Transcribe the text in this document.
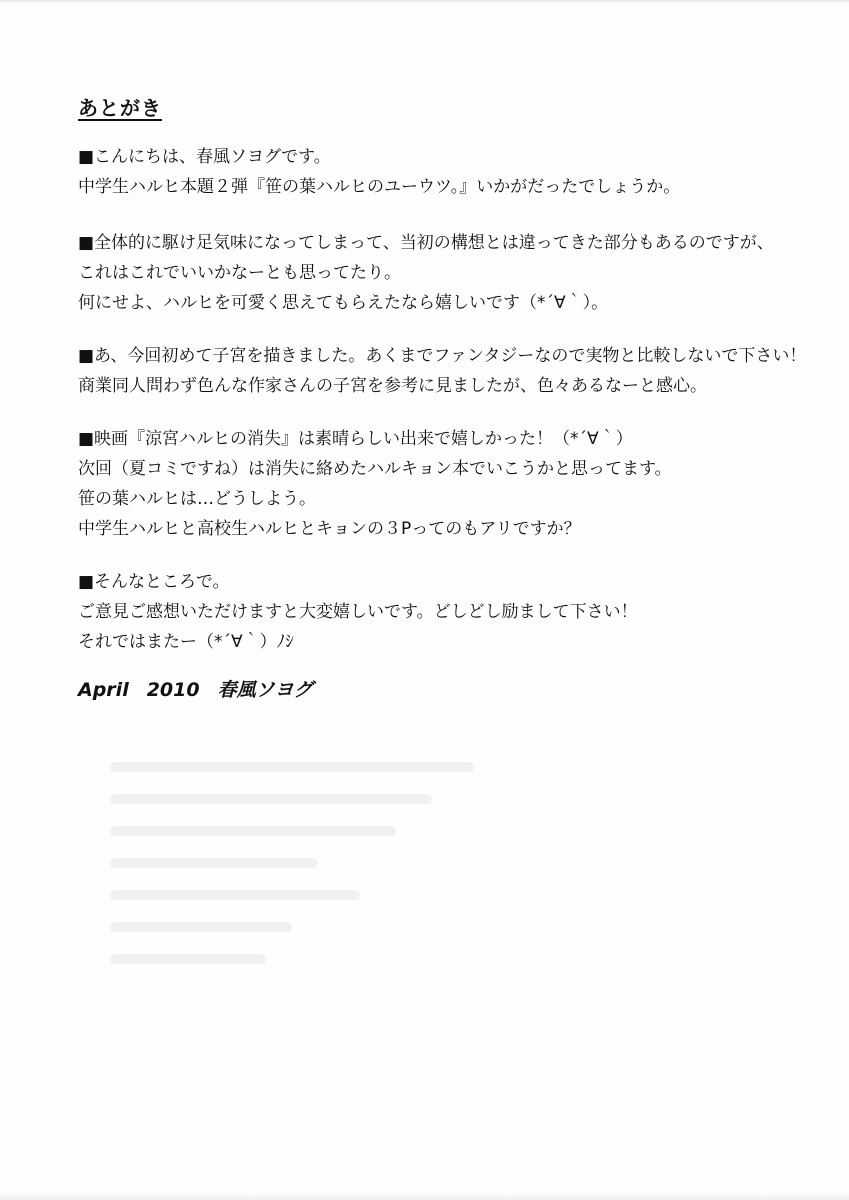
あとがき
■こんにちは、春風ソヨグです。
中学生ハルヒ本題２弾『笹の葉ハルヒのユーウツ。』いかがだったでしょうか。
■全体的に駆け足気味になってしまって、当初の構想とは違ってきた部分もあるのですが、
これはこれでいいかなーとも思ってたり。
何にせよ、ハルヒを可愛く思えてもらえたなら嬉しいです（*´∀｀）。
■あ、今回初めて子宮を描きました。あくまでファンタジーなので実物と比較しないで下さい！
商業同人問わず色んな作家さんの子宮を参考に見ましたが、色々あるなーと感心。
■映画『涼宮ハルヒの消失』は素晴らしい出来で嬉しかった！（*´∀｀）
次回（夏コミですね）は消失に絡めたハルキョン本でいこうかと思ってます。
笹の葉ハルヒは…どうしよう。
中学生ハルヒと高校生ハルヒとキョンの３Pってのもアリですか？
■そんなところで。
ご意見ご感想いただけますと大変嬉しいです。どしどし励まして下さい！
それではまたー（*´∀｀）ﾉｼ
April 2010 春風ソヨグ
